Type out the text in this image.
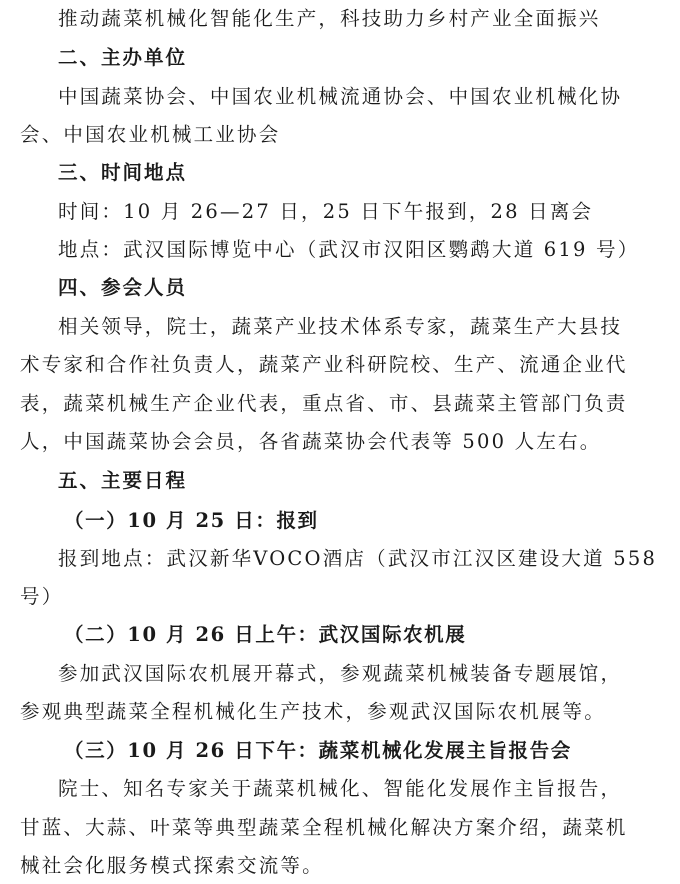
推动蔬菜机械化智能化生产，科技助力乡村产业全面振兴
二、主办单位
中国蔬菜协会、中国农业机械流通协会、中国农业机械化协
会、中国农业机械工业协会
三、时间地点
时间：10 月 26—27 日，25 日下午报到，28 日离会
地点：武汉国际博览中心（武汉市汉阳区鹦鹉大道 619 号）
四、参会人员
相关领导，院士，蔬菜产业技术体系专家，蔬菜生产大县技
术专家和合作社负责人，蔬菜产业科研院校、生产、流通企业代
表，蔬菜机械生产企业代表，重点省、市、县蔬菜主管部门负责
人，中国蔬菜协会会员，各省蔬菜协会代表等 500 人左右。
五、主要日程
（一）10 月 25 日：报到
报到地点：武汉新华VOCO酒店（武汉市江汉区建设大道 558
号）
（二）10 月 26 日上午：武汉国际农机展
参加武汉国际农机展开幕式，参观蔬菜机械装备专题展馆，
参观典型蔬菜全程机械化生产技术，参观武汉国际农机展等。
（三）10 月 26 日下午：蔬菜机械化发展主旨报告会
院士、知名专家关于蔬菜机械化、智能化发展作主旨报告，
甘蓝、大蒜、叶菜等典型蔬菜全程机械化解决方案介绍，蔬菜机
械社会化服务模式探索交流等。
